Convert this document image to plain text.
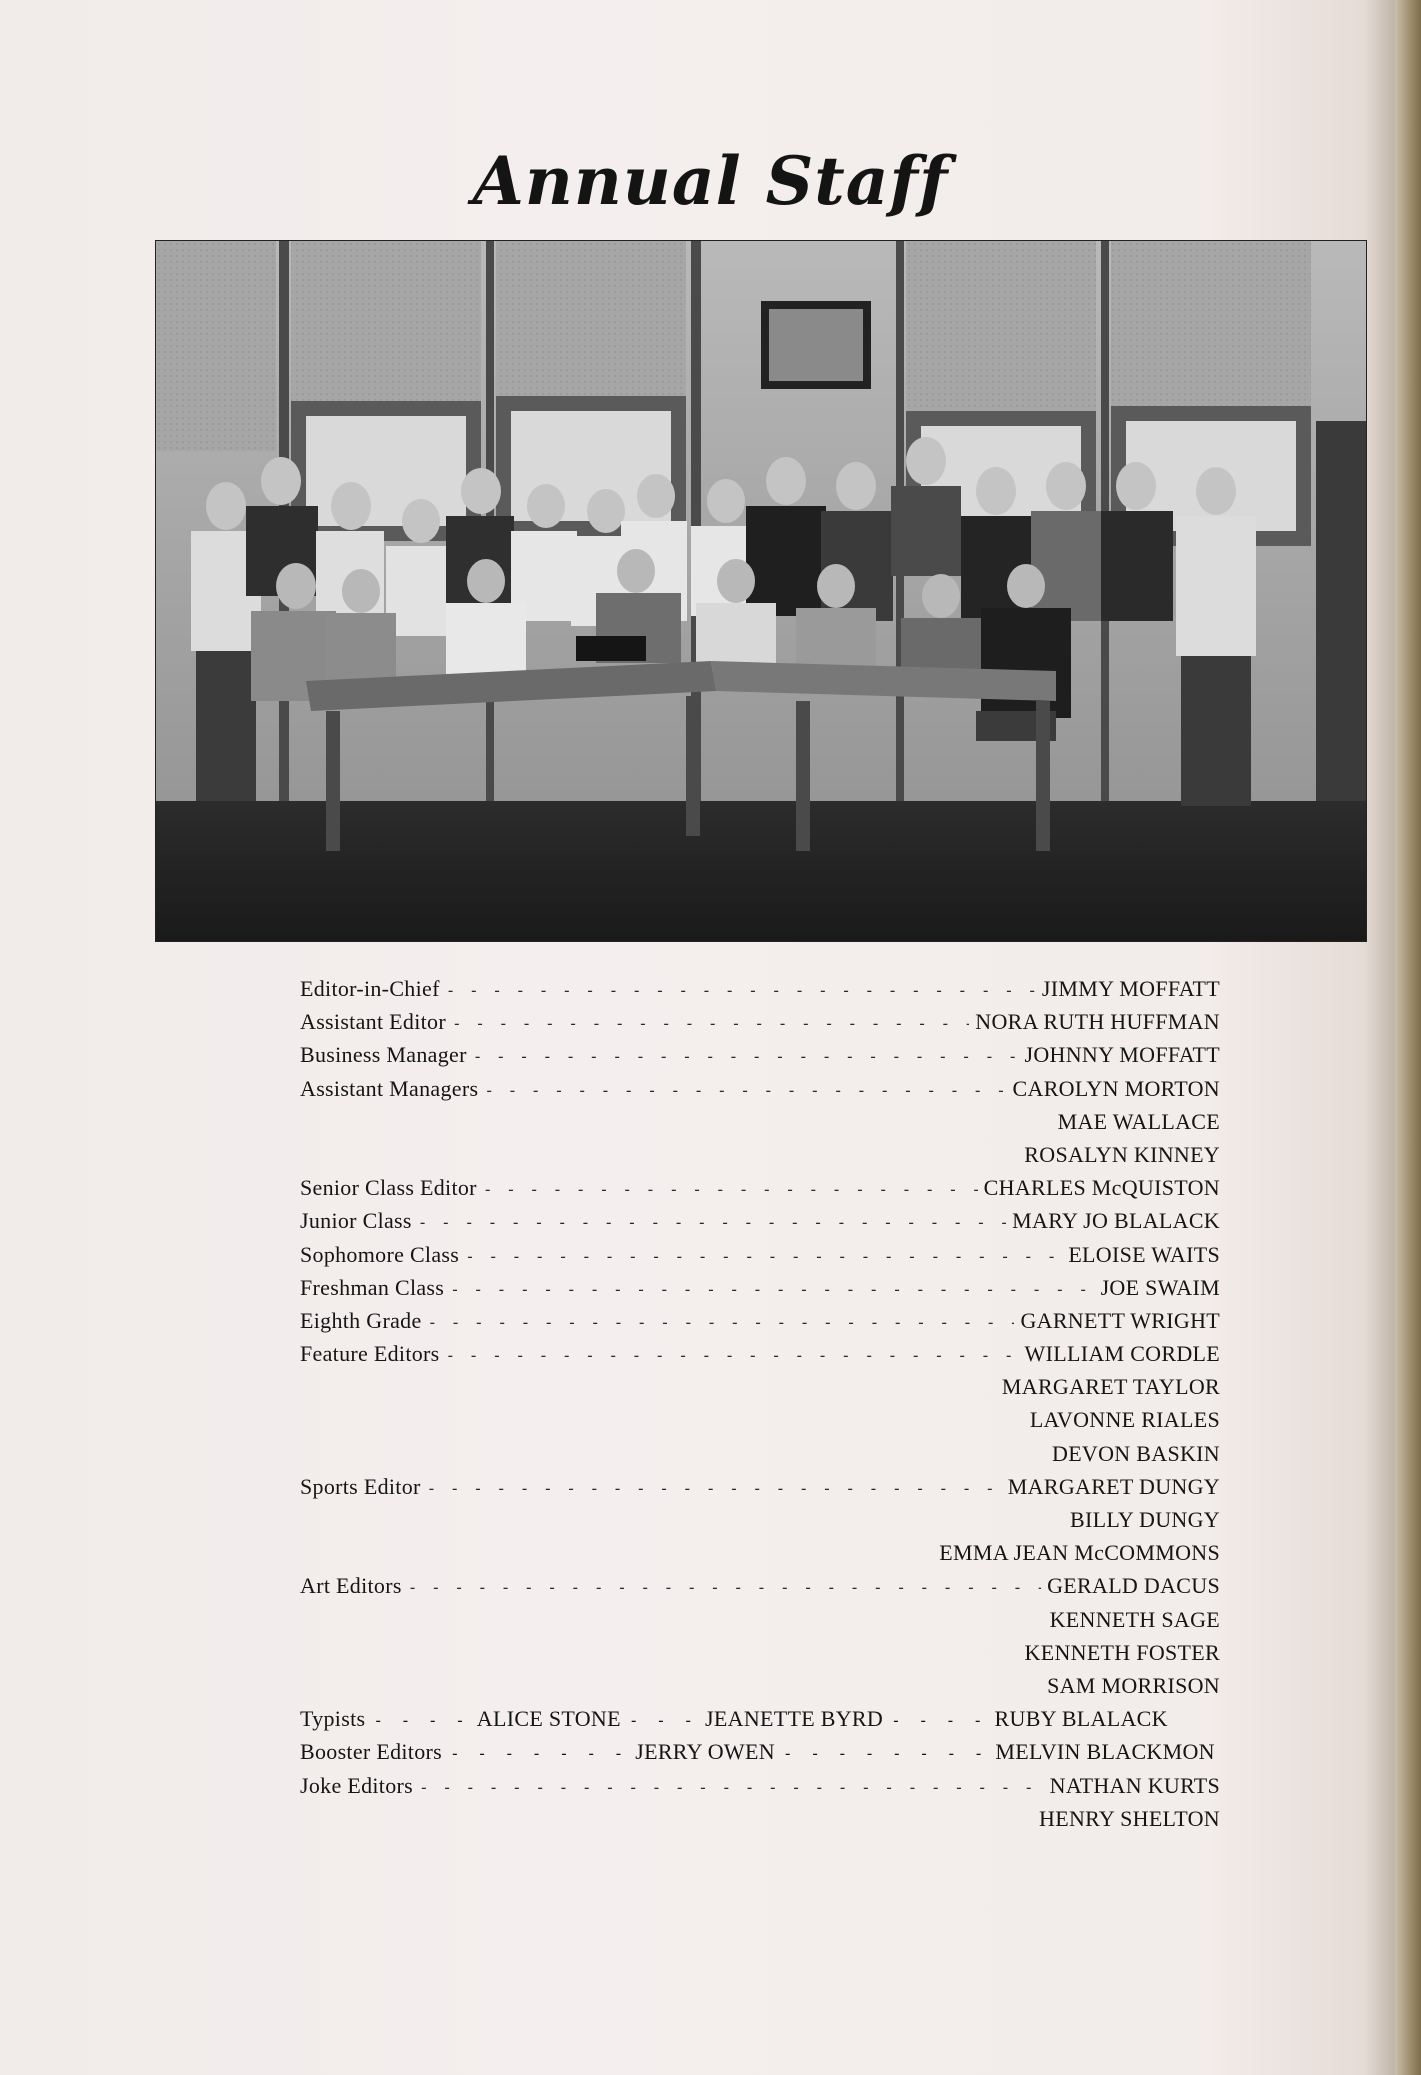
Annual Staff
Editor-in-Chief - - -	JIMMY MOFFATT
Assistant Editor - - -	NORA RUTH HUFFMAN
Business Manager - - -	JOHNNY MOFFATT
Assistant Managers - - -	CAROLYN MORTON
MAE WALLACE
ROSALYN KINNEY
Senior Class Editor - - -	CHARLES McQUISTON
Junior Class - - -	MARY JO BLALACK
Sophomore Class - - -	ELOISE WAITS
Freshman Class - - -	JOE SWAIM
Eighth Grade - - -	GARNETT WRIGHT
Feature Editors - - -	WILLIAM CORDLE
MARGARET TAYLOR
LAVONNE RIALES
DEVON BASKIN
Sports Editor - - -	MARGARET DUNGY
BILLY DUNGY
EMMA JEAN McCOMMONS
Art Editors - - -	GERALD DACUS
KENNETH SAGE
KENNETH FOSTER
SAM MORRISON
Typists - - - - ALICE STONE - - - JEANETTE BYRD - - - - RUBY BLALACK
Booster Editors - - - - - - - JERRY OWEN - - - - - - - - MELVIN BLACKMON
Joke Editors - - -	NATHAN KURTS
HENRY SHELTON
